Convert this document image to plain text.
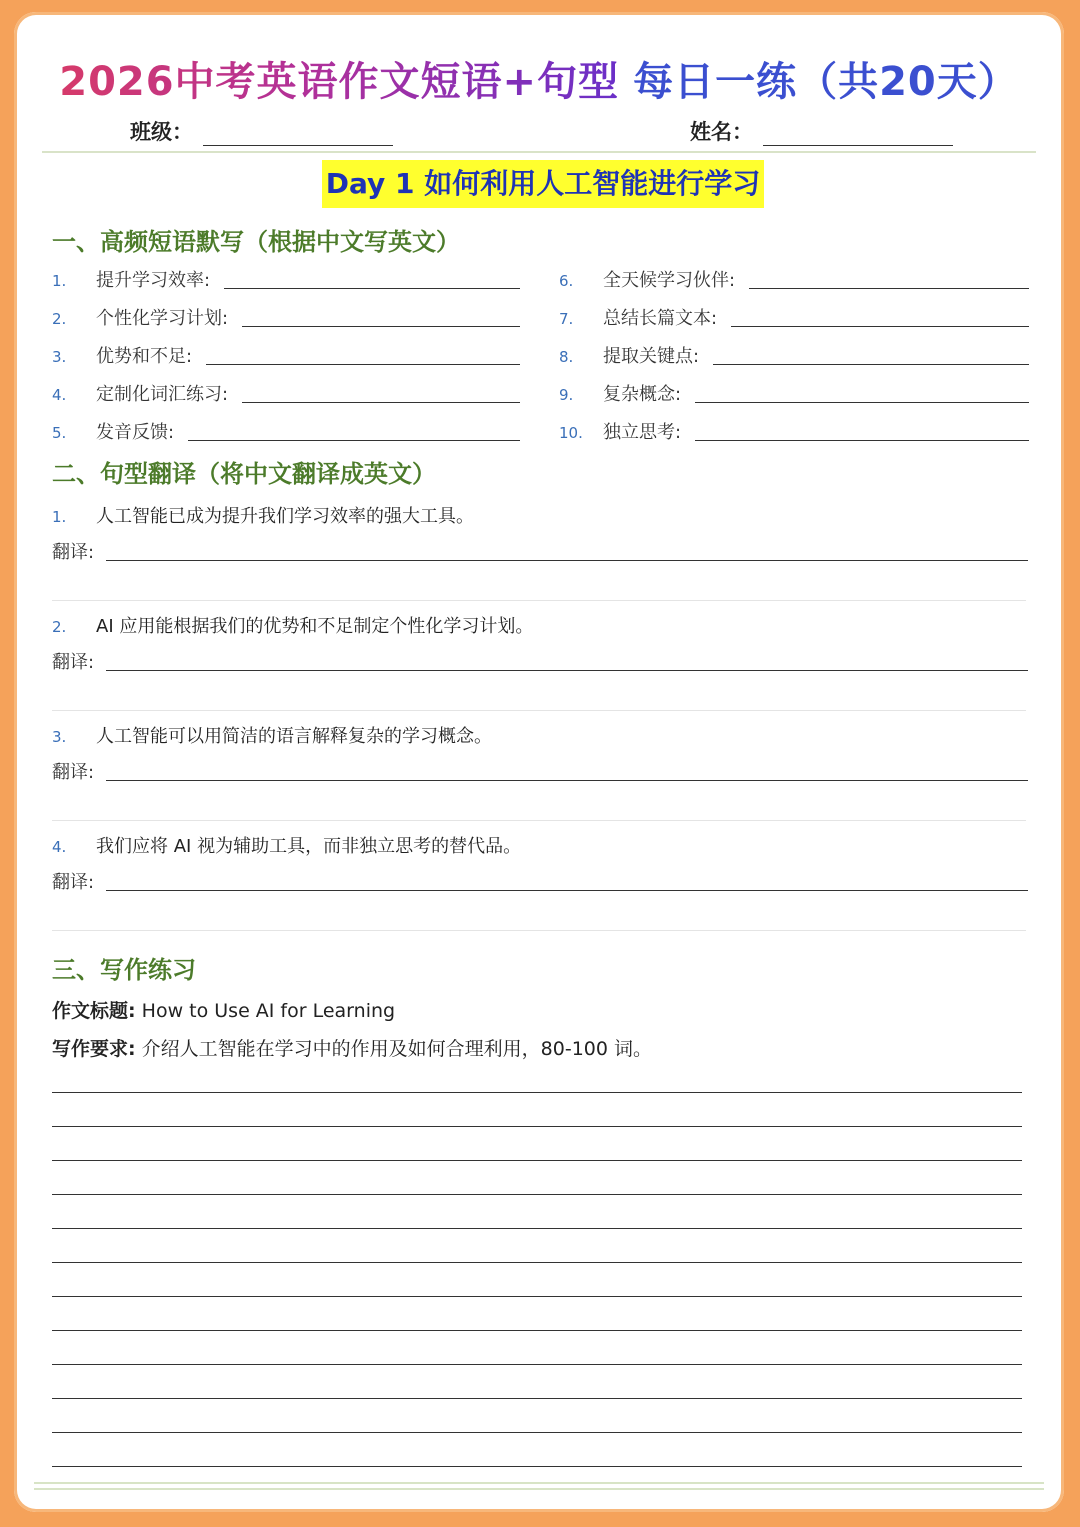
2026中考英语作文短语+句型 每日一练（共20天）
班级：	姓名：
Day 1 如何利用人工智能进行学习
一、高频短语默写（根据中文写英文）
1.	提升学习效率:
2.	个性化学习计划:
3.	优势和不足:
4.	定制化词汇练习:
5.	发音反馈:
6.	全天候学习伙伴:
7.	总结长篇文本:
8.	提取关键点:
9.	复杂概念:
10.	独立思考:
二、句型翻译（将中文翻译成英文）
1. 人工智能已成为提升我们学习效率的强大工具。
翻译:
2. AI 应用能根据我们的优势和不足制定个性化学习计划。
翻译:
3. 人工智能可以用简洁的语言解释复杂的学习概念。
翻译:
4. 我们应将 AI 视为辅助工具，而非独立思考的替代品。
翻译:
三、写作练习
作文标题: How to Use AI for Learning
写作要求: 介绍人工智能在学习中的作用及如何合理利用，80-100 词。
